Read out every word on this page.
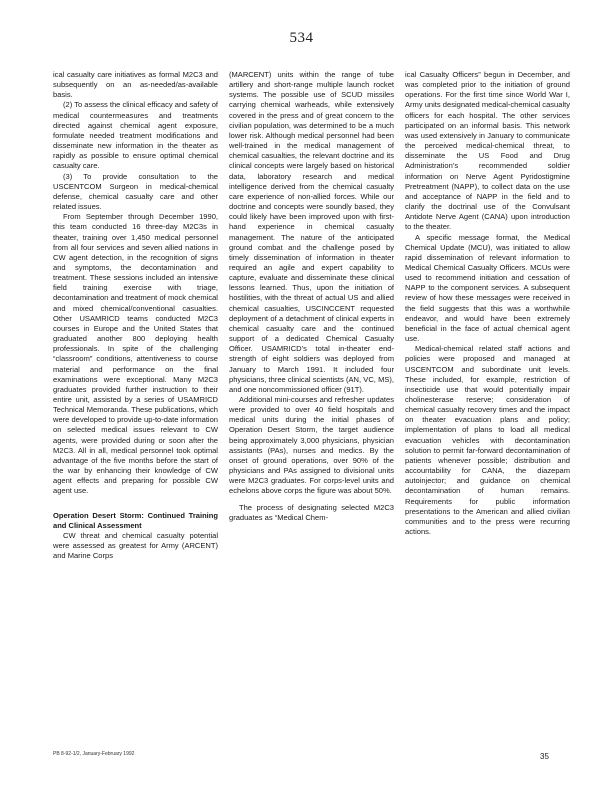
534

ical casualty care initiatives as formal M2C3 and subsequently on an as-needed/as-available basis.

(2) To assess the clinical efficacy and safety of medical countermeasures and treatments directed against chemical agent exposure, formulate needed treatment modifications and disseminate new information in the theater as rapidly as possible to ensure optimal chemical casualty care.

(3) To provide consultation to the USCENTCOM Surgeon in medical-chemical defense, chemical casualty care and other related issues.

From September through December 1990, this team conducted 16 three-day M2C3s in theater, training over 1,450 medical personnel from all four services and seven allied nations in CW agent detection, in the recognition of signs and symptoms, the decontamination and treatment. These sessions included an intensive field training exercise with triage, decontamination and treatment of mock chemical and mixed chemical/conventional casualties. Other USAMRICD teams conducted M2C3 courses in Europe and the United States that graduated another 800 deploying health professionals. In spite of the challenging “classroom” conditions, attentiveness to course material and performance on the final examinations were exceptional. Many M2C3 graduates provided further instruction to their entire unit, assisted by a series of USAMRICD Technical Memoranda. These publications, which were developed to provide up-to-date information on selected medical issues relevant to CW agents, were provided during or soon after the M2C3. All in all, medical personnel took optimal advantage of the five months before the start of the war by enhancing their knowledge of CW agent effects and preparing for possible CW agent use.

Operation Desert Storm: Continued Training and Clinical Assessment

CW threat and chemical casualty potential were assessed as greatest for Army (ARCENT) and Marine Corps

(MARCENT) units within the range of tube artillery and short-range multiple launch rocket systems. The possible use of SCUD missiles carrying chemical warheads, while extensively covered in the press and of great concern to the civilian population, was determined to be a much lower risk. Although medical personnel had been well-trained in the medical management of chemical casualties, the relevant doctrine and its clinical concepts were largely based on historical data, laboratory research and medical intelligence derived from the chemical casualty care experience of non-allied forces. While our doctrine and concepts were soundly based, they could likely have been improved upon with first-hand experience in chemical casualty management. The nature of the anticipated ground combat and the challenge posed by timely dissemination of information in theater required an agile and expert capability to capture, evaluate and disseminate these clinical lessons learned. Thus, upon the initiation of hostilities, with the threat of actual US and allied chemical casualties, USCINCCENT requested deployment of a detachment of clinical experts in chemical casualty care and the continued support of a dedicated Chemical Casualty Officer. USAMRICD’s total in-theater end-strength of eight soldiers was deployed from January to March 1991. It included four physicians, three clinical scientists (AN, VC, MS), and one noncommissioned officer (91T).

Additional mini-courses and refresher updates were provided to over 40 field hospitals and medical units during the initial phases of Operation Desert Storm, the target audience being approximately 3,000 physicians, physician assistants (PAs), nurses and medics. By the onset of ground operations, over 90% of the physicians and PAs assigned to divisional units were M2C3 graduates. For corps-level units and echelons above corps the figure was about 50%.

The process of designating selected M2C3 graduates as “Medical Chem-

ical Casualty Officers” begun in December, and was completed prior to the initiation of ground operations. For the first time since World War I, Army units designated medical-chemical casualty officers for each hospital. The other services participated on an informal basis. This network was used extensively in January to communicate the perceived medical-chemical threat, to disseminate the US Food and Drug Administration’s recommended soldier information on Nerve Agent Pyridostigmine Pretreatment (NAPP), to collect data on the use and acceptance of NAPP in the field and to clarify the doctrinal use of the Convulsant Antidote Nerve Agent (CANA) upon introduction to the theater.

A specific message format, the Medical Chemical Update (MCU), was initiated to allow rapid dissemination of relevant information to Medical Chemical Casualty Officers. MCUs were used to recommend initiation and cessation of NAPP to the component services. A subsequent review of how these messages were received in the field suggests that this was a worthwhile endeavor, and would have been extremely beneficial in the face of actual chemical agent use.

Medical-chemical related staff actions and policies were proposed and managed at USCENTCOM and subordinate unit levels. These included, for example, restriction of insecticide use that would potentially impair cholinesterase reserve; consideration of chemical casualty recovery times and the impact on theater evacuation plans and policy; implementation of plans to load all medical evacuation vehicles with decontamination solution to permit far-forward decontamination of patients whenever possible; distribution and accountability for CANA, the diazepam autoinjector; and guidance on chemical decontamination of human remains. Requirements for public information presentations to the American and allied civilian communities and to the press were recurring actions.

PB 8-92-1/2, January-February 1992	35
